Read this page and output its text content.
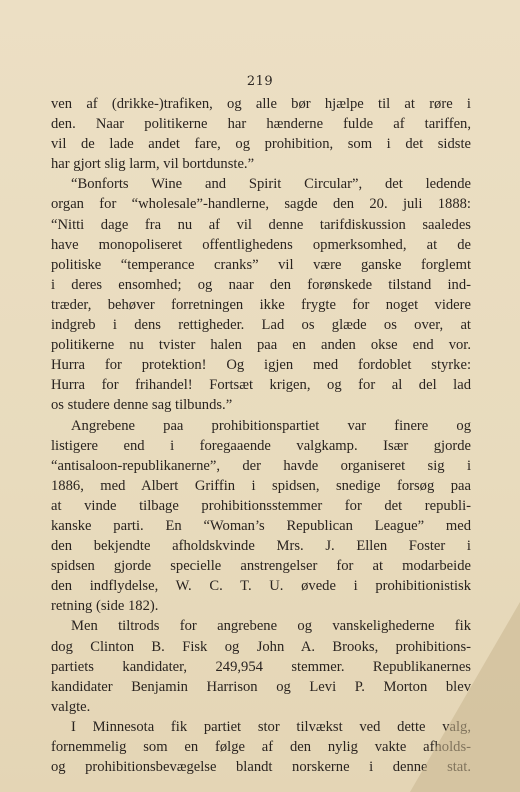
219
ven af (drikke-)trafiken, og alle bør hjælpe til at røre i
den. Naar politikerne har hænderne fulde af tariffen,
vil de lade andet fare, og prohibition, som i det sidste
har gjort slig larm, vil bortdunste.”
“Bonforts Wine and Spirit Circular”, det ledende
organ for “wholesale”-handlerne, sagde den 20. juli 1888:
“Nitti dage fra nu af vil denne tarifdiskussion saaledes
have monopoliseret offentlighedens opmerksomhed, at de
politiske “temperance cranks” vil være ganske forglemt
i deres ensomhed; og naar den forønskede tilstand ind-
træder, behøver forretningen ikke frygte for noget videre
indgreb i dens rettigheder. Lad os glæde os over, at
politikerne nu tvister halen paa en anden okse end vor.
Hurra for protektion! Og igjen med fordoblet styrke:
Hurra for frihandel! Fortsæt krigen, og for al del lad
os studere denne sag tilbunds.”
Angrebene paa prohibitionspartiet var finere og
listigere end i foregaaende valgkamp. Især gjorde
“antisaloon-republikanerne”, der havde organiseret sig i
1886, med Albert Griffin i spidsen, snedige forsøg paa
at vinde tilbage prohibitionsstemmer for det republi-
kanske parti. En “Woman’s Republican League” med
den bekjendte afholdskvinde Mrs. J. Ellen Foster i
spidsen gjorde specielle anstrengelser for at modarbeide
den indflydelse, W. C. T. U. øvede i prohibitionistisk
retning (side 182).
Men tiltrods for angrebene og vanskelighederne fik
dog Clinton B. Fisk og John A. Brooks, prohibitions-
partiets kandidater, 249,954 stemmer. Republikanernes
kandidater Benjamin Harrison og Levi P. Morton blev
valgte.
I Minnesota fik partiet stor tilvækst ved dette valg,
fornemmelig som en følge af den nylig vakte afholds-
og prohibitionsbevægelse blandt norskerne i denne stat.
